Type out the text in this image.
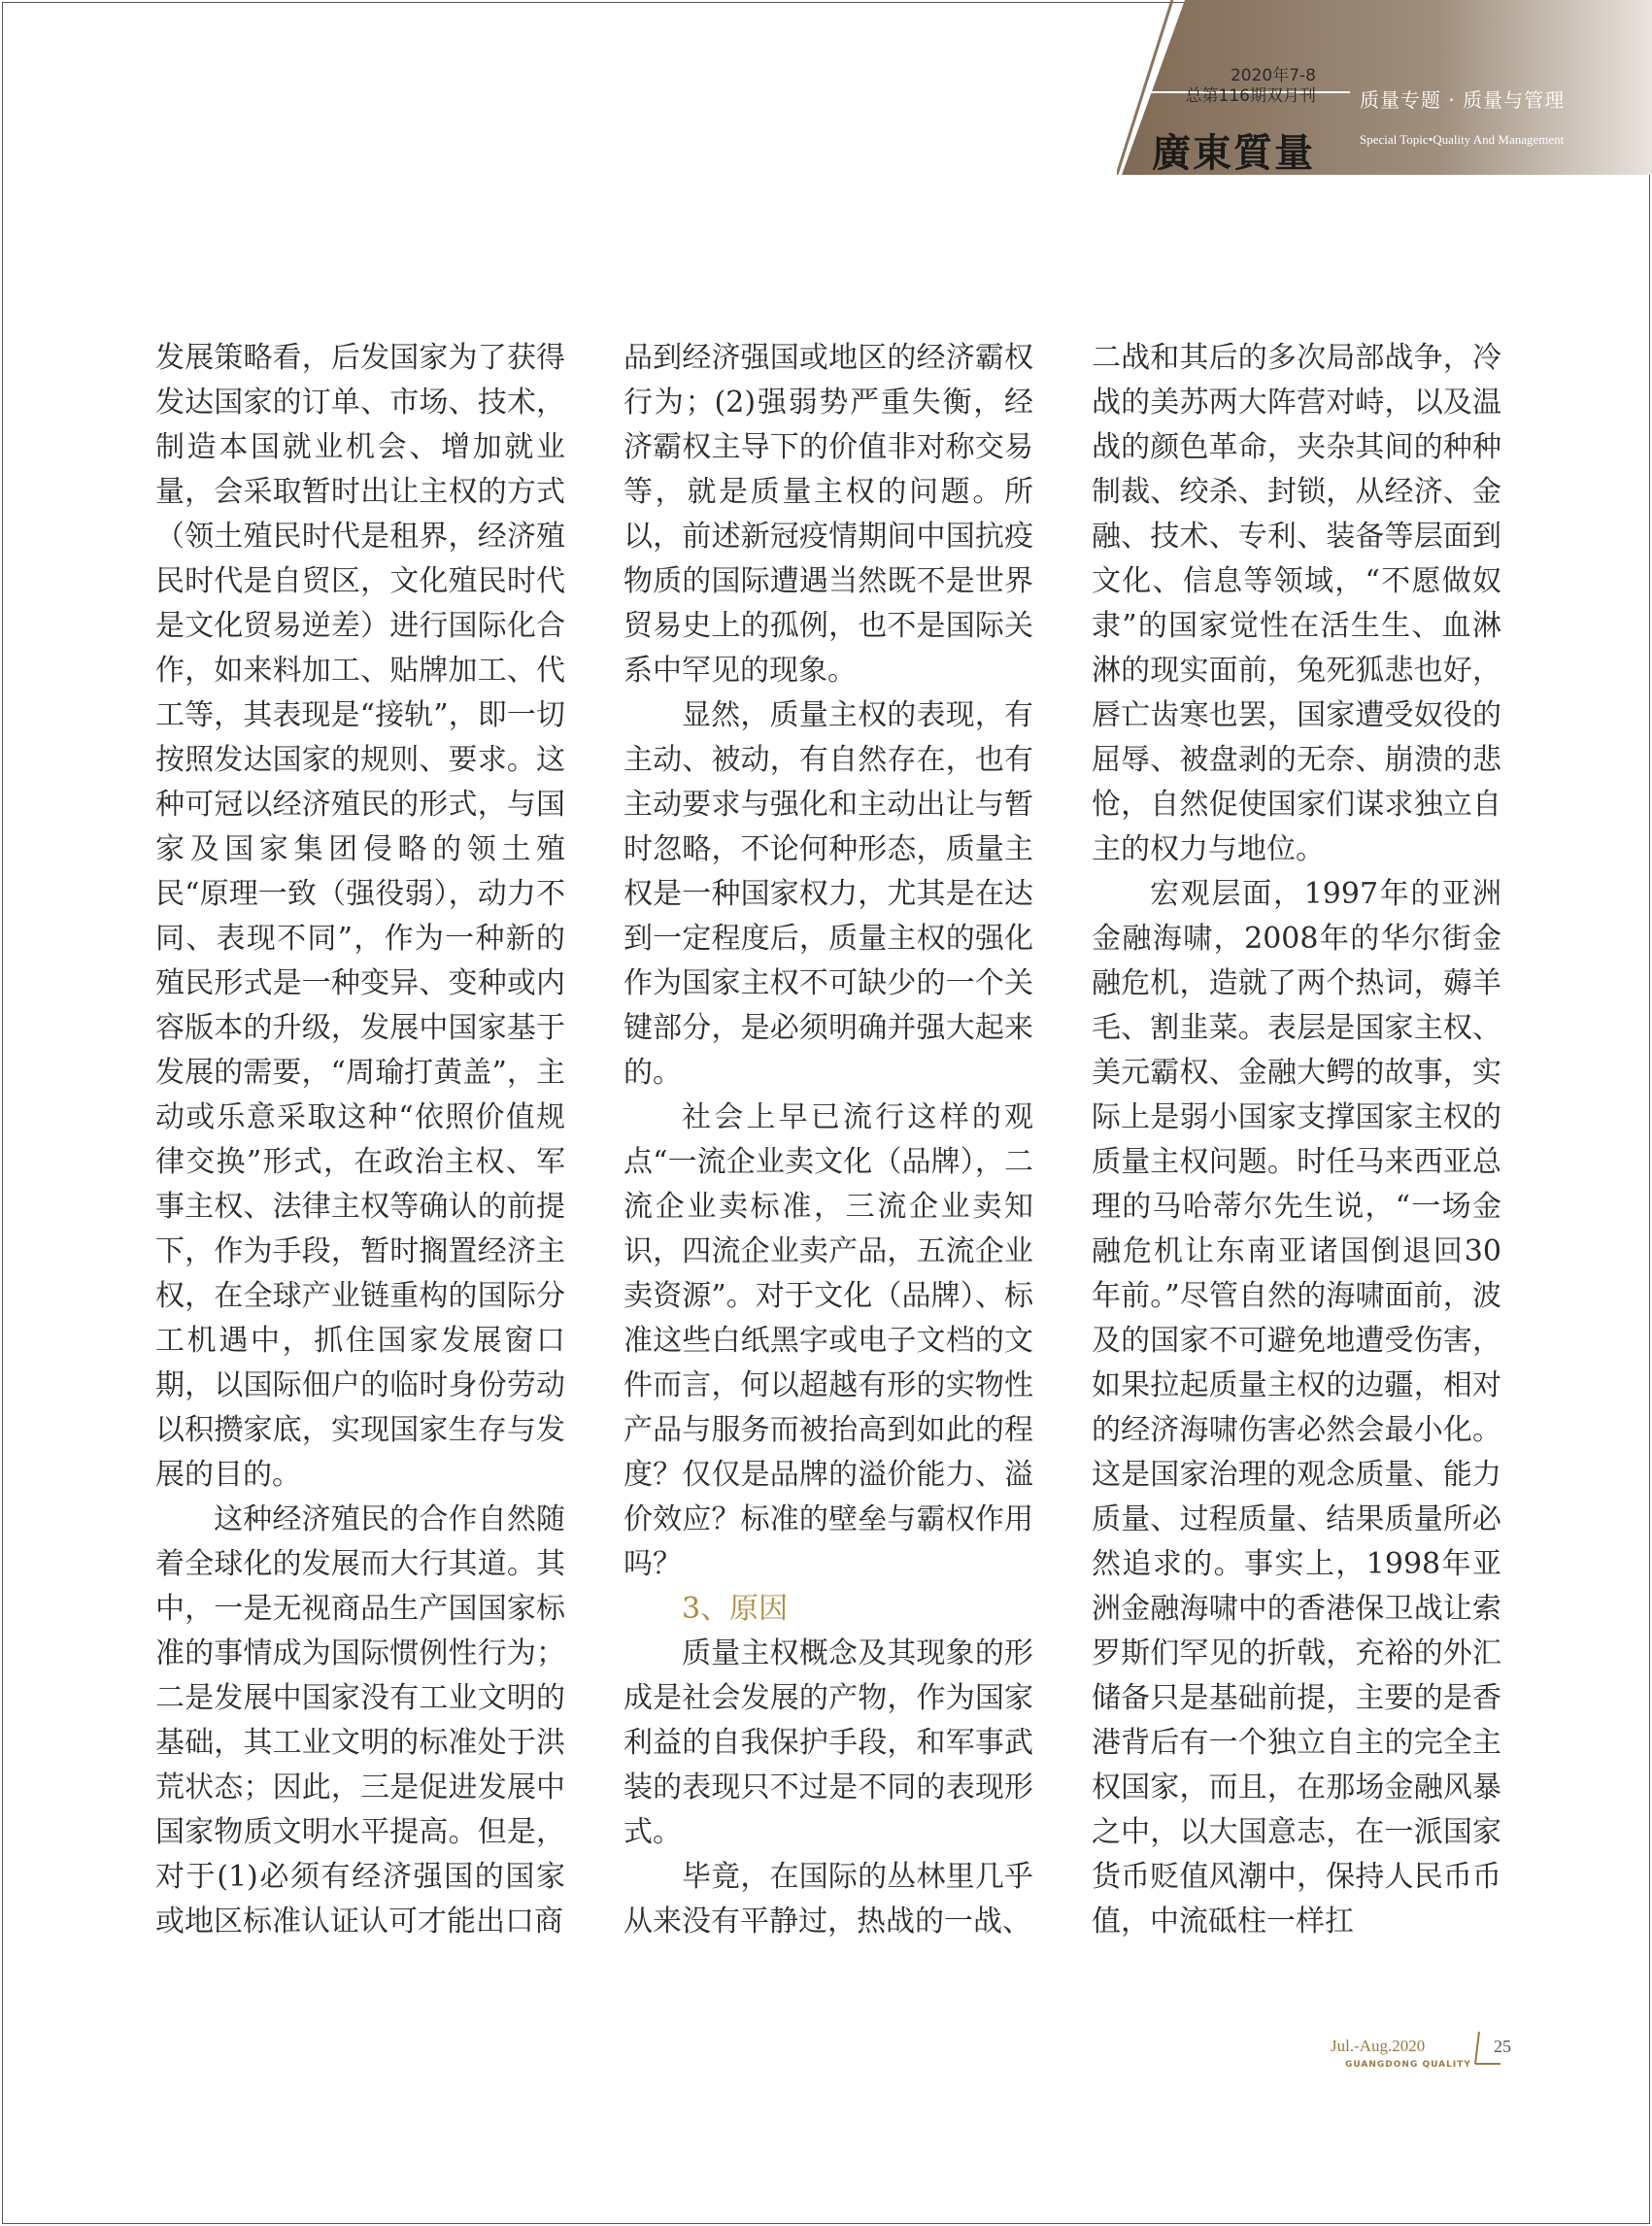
2020年7-8
总第116期双月刊
廣東質量
质量专题 · 质量与管理
Special Topic•Quality And Management

发展策略看，后发国家为了获得发达国家的订单、市场、技术，制造本国就业机会、增加就业量，会采取暂时出让主权的方式（领土殖民时代是租界，经济殖民时代是自贸区，文化殖民时代是文化贸易逆差）进行国际化合作，如来料加工、贴牌加工、代工等，其表现是“接轨”，即一切按照发达国家的规则、要求。这种可冠以经济殖民的形式，与国家及国家集团侵略的领土殖民“原理一致（强役弱），动力不同、表现不同”，作为一种新的殖民形式是一种变异、变种或内容版本的升级，发展中国家基于发展的需要，“周瑜打黄盖”，主动或乐意采取这种“依照价值规律交换”形式，在政治主权、军事主权、法律主权等确认的前提下，作为手段，暂时搁置经济主权，在全球产业链重构的国际分工机遇中，抓住国家发展窗口期，以国际佃户的临时身份劳动以积攒家底，实现国家生存与发展的目的。

这种经济殖民的合作自然随着全球化的发展而大行其道。其中，一是无视商品生产国国家标准的事情成为国际惯例性行为；二是发展中国家没有工业文明的基础，其工业文明的标准处于洪荒状态；因此，三是促进发展中国家物质文明水平提高。但是，对于(1)必须有经济强国的国家或地区标准认证认可才能出口商

品到经济强国或地区的经济霸权行为；(2)强弱势严重失衡，经济霸权主导下的价值非对称交易等，就是质量主权的问题。所以，前述新冠疫情期间中国抗疫物质的国际遭遇当然既不是世界贸易史上的孤例，也不是国际关系中罕见的现象。

显然，质量主权的表现，有主动、被动，有自然存在，也有主动要求与强化和主动出让与暂时忽略，不论何种形态，质量主权是一种国家权力，尤其是在达到一定程度后，质量主权的强化作为国家主权不可缺少的一个关键部分，是必须明确并强大起来的。

社会上早已流行这样的观点“一流企业卖文化（品牌），二流企业卖标准，三流企业卖知识，四流企业卖产品，五流企业卖资源”。对于文化（品牌）、标准这些白纸黑字或电子文档的文件而言，何以超越有形的实物性产品与服务而被抬高到如此的程度？仅仅是品牌的溢价能力、溢价效应？标准的壁垒与霸权作用吗？

3、原因

质量主权概念及其现象的形成是社会发展的产物，作为国家利益的自我保护手段，和军事武装的表现只不过是不同的表现形式。

毕竟，在国际的丛林里几乎从来没有平静过，热战的一战、

二战和其后的多次局部战争，冷战的美苏两大阵营对峙，以及温战的颜色革命，夹杂其间的种种制裁、绞杀、封锁，从经济、金融、技术、专利、装备等层面到文化、信息等领域，“不愿做奴隶”的国家觉性在活生生、血淋淋的现实面前，兔死狐悲也好，唇亡齿寒也罢，国家遭受奴役的屈辱、被盘剥的无奈、崩溃的悲怆，自然促使国家们谋求独立自主的权力与地位。

宏观层面，1997年的亚洲金融海啸，2008年的华尔街金融危机，造就了两个热词，薅羊毛、割韭菜。表层是国家主权、美元霸权、金融大鳄的故事，实际上是弱小国家支撑国家主权的质量主权问题。时任马来西亚总理的马哈蒂尔先生说，“一场金融危机让东南亚诸国倒退回30年前。”尽管自然的海啸面前，波及的国家不可避免地遭受伤害，如果拉起质量主权的边疆，相对的经济海啸伤害必然会最小化。这是国家治理的观念质量、能力质量、过程质量、结果质量所必然追求的。事实上，1998年亚洲金融海啸中的香港保卫战让索罗斯们罕见的折戟，充裕的外汇储备只是基础前提，主要的是香港背后有一个独立自主的完全主权国家，而且，在那场金融风暴之中，以大国意志，在一派国家货币贬值风潮中，保持人民币币值，中流砥柱一样扛

Jul.-Aug.2020
GUANGDONG QUALITY
25
